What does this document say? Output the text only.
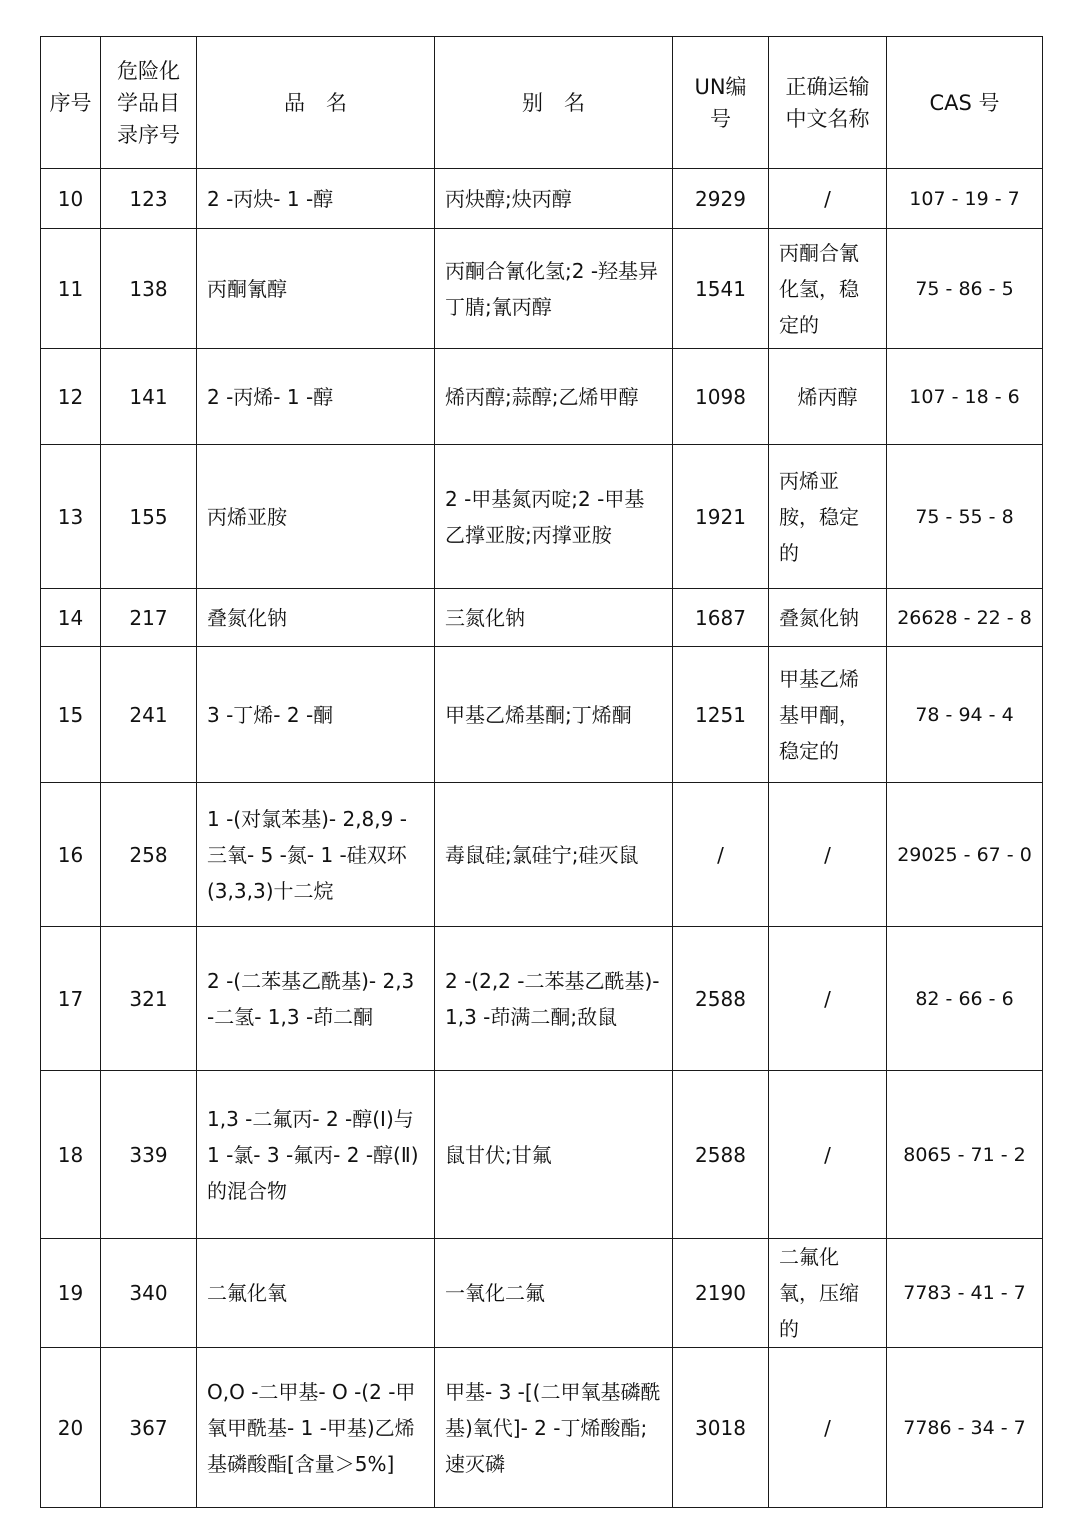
序号	危险化学品目录序号	品　名	别　名	UN编号	正确运输中文名称	CAS 号
10	123	2 -丙炔- 1 -醇	丙炔醇;炔丙醇	2929	/	107 - 19 - 7
11	138	丙酮氰醇	丙酮合氰化氢;2 -羟基异丁腈;氰丙醇	1541	丙酮合氰化氢，稳定的	75 - 86 - 5
12	141	2 -丙烯- 1 -醇	烯丙醇;蒜醇;乙烯甲醇	1098	烯丙醇	107 - 18 - 6
13	155	丙烯亚胺	2 -甲基氮丙啶;2 -甲基乙撑亚胺;丙撑亚胺	1921	丙烯亚胺，稳定的	75 - 55 - 8
14	217	叠氮化钠	三氮化钠	1687	叠氮化钠	26628 - 22 - 8
15	241	3 -丁烯- 2 -酮	甲基乙烯基酮;丁烯酮	1251	甲基乙烯基甲酮，稳定的	78 - 94 - 4
16	258	1 -(对氯苯基)- 2,8,9 -三氧- 5 -氮- 1 -硅双环(3,3,3)十二烷	毒鼠硅;氯硅宁;硅灭鼠	/	/	29025 - 67 - 0
17	321	2 -(二苯基乙酰基)- 2,3 -二氢- 1,3 -茚二酮	2 -(2,2 -二苯基乙酰基)- 1,3 -茚满二酮;敌鼠	2588	/	82 - 66 - 6
18	339	1,3 -二氟丙- 2 -醇(Ⅰ)与 1 -氯- 3 -氟丙- 2 -醇(Ⅱ)的混合物	鼠甘伏;甘氟	2588	/	8065 - 71 - 2
19	340	二氟化氧	一氧化二氟	2190	二氟化氧，压缩的	7783 - 41 - 7
20	367	O,O -二甲基- O -(2 -甲氧甲酰基- 1 -甲基)乙烯基磷酸酯[含量＞5%]	甲基- 3 -[(二甲氧基磷酰基)氧代]- 2 -丁烯酸酯;速灭磷	3018	/	7786 - 34 - 7
